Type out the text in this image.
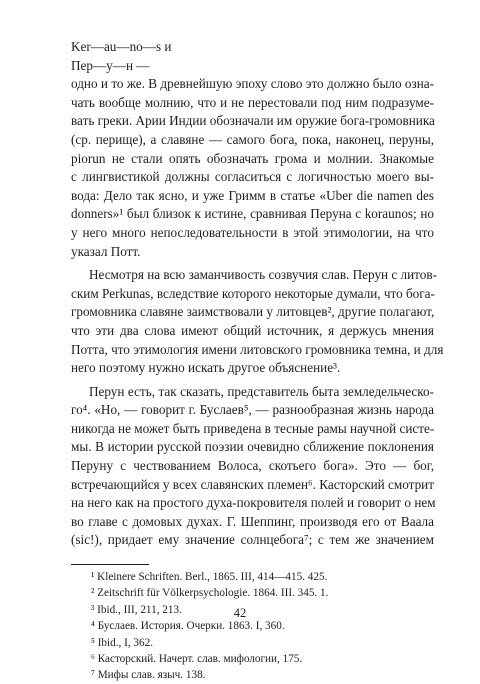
Ker—au—no—s и
Пер—у—н —
одно и то же. В древнейшую эпоху слово это должно было озна-
чать вообще молнию, что и не перестовали под ним подразуме-
вать греки. Арии Индии обозначали им оружие бога-громовника
(ср. перище), а славяне — самого бога, пока, наконец, перуны,
piorun не стали опять обозначать грома и молнии. Знакомые
с лингвистикой должны согласиться с логичностью моего вы-
вода: Дело так ясно, и уже Гримм в статье «Uber die namen des
donners»¹ был близок к истине, сравнивая Перуна с koraunos; но
у него много непоследовательности в этой этимологии, на что
указал Потт.
Несмотря на всю заманчивость созвучия слав. Перун с литов-
ским Perkunas, вследствие которого некоторые думали, что бога-
громовника славяне заимствовали у литовцев², другие полагают,
что эти два слова имеют общий источник, я держусь мнения
Потта, что этимология имени литовского громовника темна, и для
него поэтому нужно искать другое объяснение³.
Перун есть, так сказать, представитель быта земледельческо-
го⁴. «Но, — говорит г. Буслаев⁵, — разнообразная жизнь народа
никогда не может быть приведена в тесные рамы научной систе-
мы. В истории русской поэзии очевидно сближение поклонения
Перуну с чествованием Волоса, скотьего бога». Это — бог,
встречающийся у всех славянских племен⁶. Касторский смотрит
на него как на простого духа-покровителя полей и говорит о нем
во главе с домовых духах. Г. Шеппинг, производя его от Ваала
(sic!), придает ему значение солнцебога⁷; с тем же значением
¹ Kleinere Schriften. Berl., 1865. III, 414—415. 425.
² Zeitschrift für Völkerpsychologie. 1864. III. 345. 1.
³ Ibid., III, 211, 213.
⁴ Буслаев. История. Очерки. 1863. I, 360.
⁵ Ibid., I, 362.
⁶ Касторский. Начерт. слав. мифологии, 175.
⁷ Мифы слав. языч. 138.
42
